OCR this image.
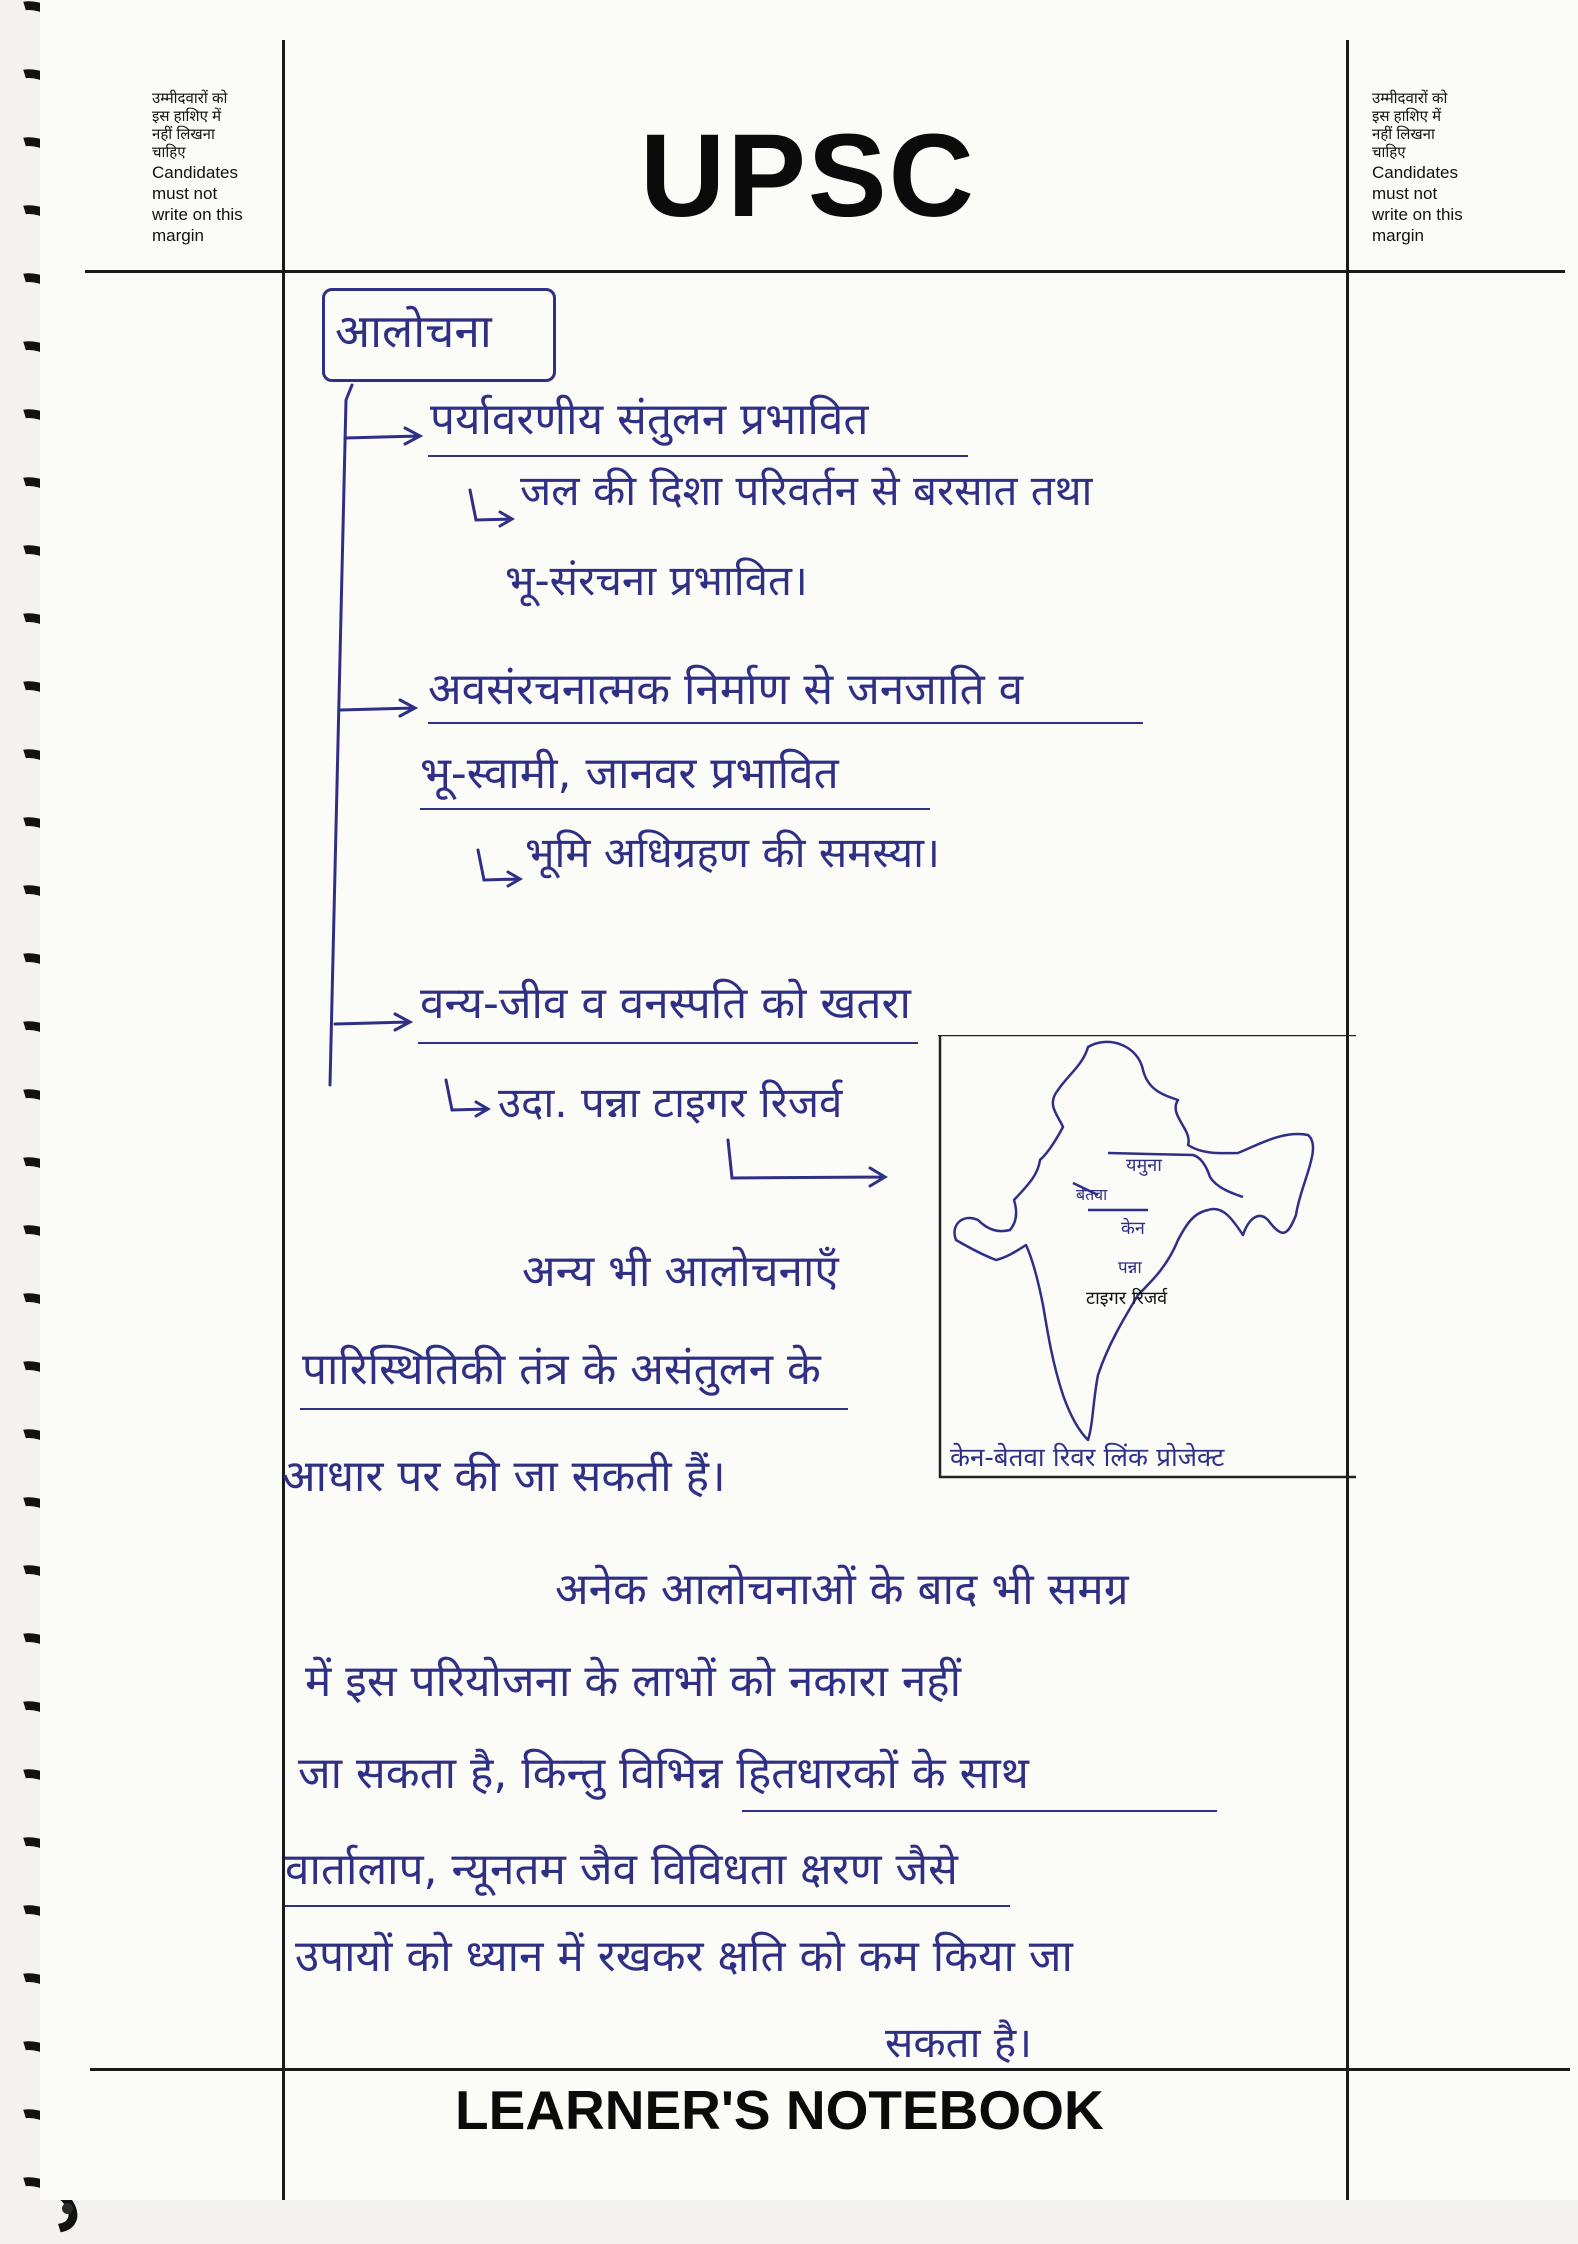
उम्मीदवारों को
इस हाशिए में
नहीं लिखना
चाहिए
Candidates
must not
write on this
margin
उम्मीदवारों को
इस हाशिए में
नहीं लिखना
चाहिए
Candidates
must not
write on this
margin
UPSC
आलोचना
पर्यावरणीय संतुलन प्रभावित
जल की दिशा परिवर्तन से बरसात तथा
भू-संरचना प्रभावित।
अवसंरचनात्मक निर्माण से जनजाति व
भू-स्वामी, जानवर प्रभावित
भूमि अधिग्रहण की समस्या।
वन्य-जीव व वनस्पति को खतरा
उदा. पन्ना टाइगर रिजर्व
अन्य भी आलोचनाएँ
पारिस्थितिकी तंत्र के असंतुलन के
आधार पर की जा सकती हैं।
यमुना
बेतवा
केन
पन्ना
टाइगर रिजर्व
केन-बेतवा रिवर लिंक प्रोजेक्ट
अनेक आलोचनाओं के बाद भी समग्र
में इस परियोजना के लाभों को नकारा नहीं
जा सकता है, किन्तु विभिन्न हितधारकों के साथ
वार्तालाप, न्यूनतम जैव विविधता क्षरण जैसे
उपायों को ध्यान में रखकर क्षति को कम किया जा
सकता है।
LEARNER'S NOTEBOOK
